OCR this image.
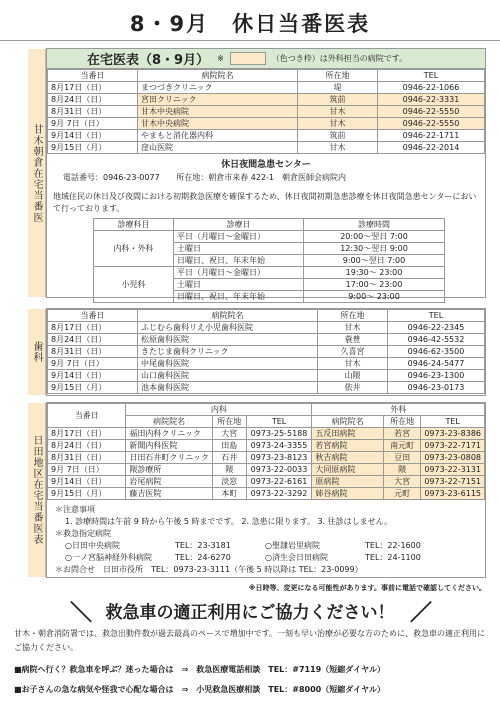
8・9月　休日当番医表
甘木朝倉在宅当番医
在宅医表（8・9月） ※	（色つき枠）は外科担当の病院です。
当番日	病院院名	所在地	TEL
8月17日（日）	まつづきクリニック	堤	0946-22-1066
8月24日（日）	宮田クリニック	筑前	0946-22-3331
8月31日（日）	甘木中央病院	甘木	0946-22-5550
9月 7日（日）	甘木中央病院	甘木	0946-22-5550
9月14日（日）	やまもと消化器内科	筑前	0946-22-1711
9月15日（月）	窪山医院	甘木	0946-22-2014
休日夜間急患センター
電話番号：0946-23-0077 所在地：朝倉市来春 422-1　朝倉医師会病院内
地域住民の休日及び夜間における初期救急医療を確保するため、休日夜間初期急患診療を休日夜間急患センターにおいて行っております。
診療科目	診療日	診療時間
内科・外科	平日（月曜日～金曜日）	20:00～翌日 7:00
	土曜日	12:30～翌日 9:00
	日曜日、祝日、年末年始	9:00～翌日 7:00
小児科	平日（月曜日～金曜日）	19:30～ 23:00
	土曜日	17:00～ 23:00
	日曜日、祝日、年末年始	9:00～ 23:00
歯科
当番日	病院院名	所在地	TEL
8月17日（日）	ふじむら歯科リえ小児歯科医院	甘木	0946-22-2345
8月24日（日）	松原歯科医院	蓑豊	0946-42-5532
8月31日（日）	きたじま歯科クリニック	久喜宮	0946-62-3500
9月 7日（日）	中尾歯科医院	甘木	0946-24-5477
9月14日（日）	山口歯科医院	山隈	0946-23-1300
9月15日（月）	池本歯科医院	依井	0946-23-0173
日田地区在宅当番医表
当番日	内科			外科		
	病院院名	所在地	TEL	病院院名	所在地	TEL
8月17日（日）	福田内科クリニック	大宮	0973-25-5188	五反田病院	若宮	0973-23-8386
8月24日（日）	新聞内科医院	田島	0973-24-3355	若宮病院	南元町	0973-22-7171
8月31日（日）	日田石井町クリニック	石井	0973-23-8123	秋吉病院	豆田	0973-23-0808
9月 7日（日）	隈診療所	隈	0973-22-0033	大同原病院	隈	0973-22-3131
9月14日（日）	岩尾病院	淡窓	0973-22-6161	原病院	大宮	0973-22-7151
9月15日（月）	藤吉医院	本町	0973-22-3292	姉谷病院	元町	0973-23-6115
＊注意事項
1. 診療時間は午前 9 時から午後 5 時までです。 2. 急患に限ります。 3. 往診はしません。
＊救急指定病院
○日田中央病院	TEL：23-3181	○聖隷岩里病院	TEL：22-1600
○一ノ宮脳神経外科病院	TEL：24-6270	○済生会日田病院	TEL：24-1100
＊お問合せ　日田市役所　TEL：0973-23-3111（午後 5 時以降は TEL：23-0099）
※日時等、変更になる可能性があります。事前に電話で確認してください。
＼ 救急車の適正利用にご協力ください！ ／
甘木・朝倉消防署では、救急出動件数が過去最高のペースで増加中です。一刻も早い治療が必要な方のために、救急車の適正利用にご協力ください。
■病院へ行く？救急車を呼ぶ？迷った場合は　⇒　救急医療電話相談　TEL：#7119（短縮ダイヤル）
■お子さんの急な病気や怪我で心配な場合は　⇒　小児救急医療相談　TEL：#8000（短縮ダイヤル）
